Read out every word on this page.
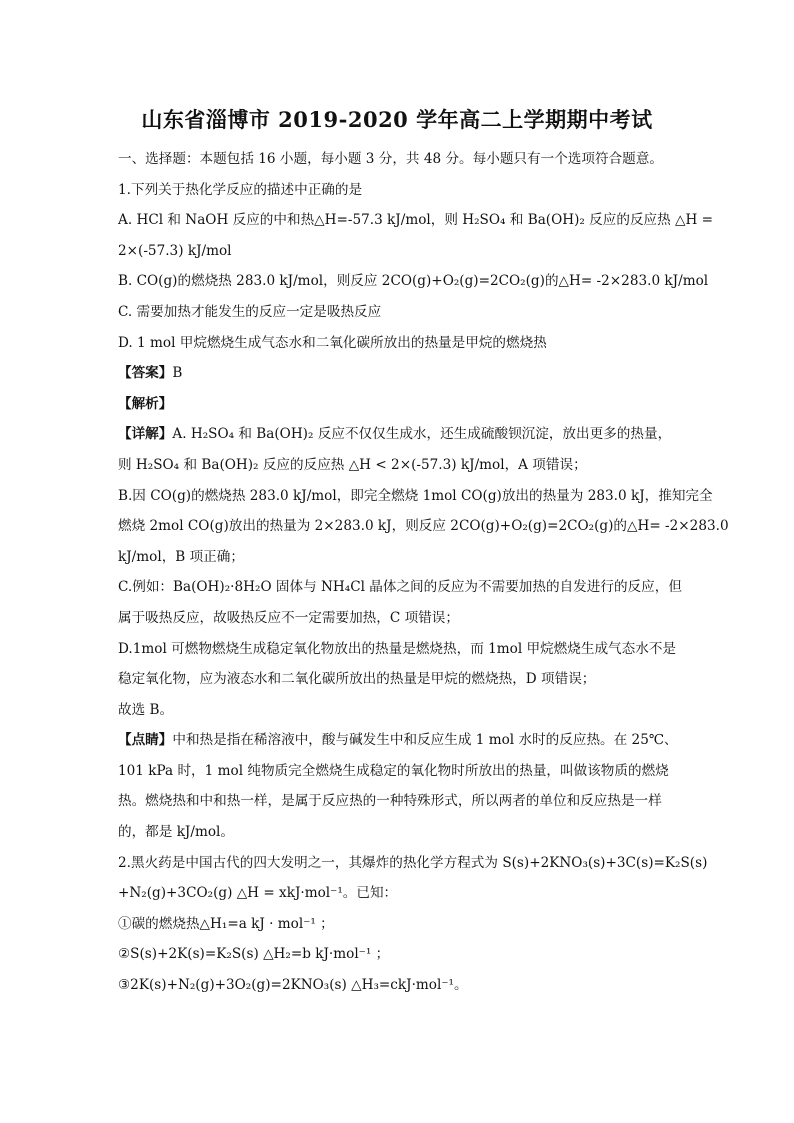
山东省淄博市 2019-2020 学年高二上学期期中考试

一、选择题：本题包括 16 小题，每小题 3 分，共 48 分。每小题只有一个选项符合题意。

1.下列关于热化学反应的描述中正确的是

A. HCl 和 NaOH 反应的中和热△H=-57.3 kJ/mol，则 H₂SO₄ 和 Ba(OH)₂ 反应的反应热 △H =

2×(-57.3) kJ/mol

B. CO(g)的燃烧热 283.0 kJ/mol，则反应 2CO(g)+O₂(g)=2CO₂(g)的△H= -2×283.0 kJ/mol

C. 需要加热才能发生的反应一定是吸热反应

D. 1 mol 甲烷燃烧生成气态水和二氧化碳所放出的热量是甲烷的燃烧热

【答案】B

【解析】

【详解】A. H₂SO₄ 和 Ba(OH)₂ 反应不仅仅生成水，还生成硫酸钡沉淀，放出更多的热量，

则 H₂SO₄ 和 Ba(OH)₂ 反应的反应热 △H < 2×(-57.3) kJ/mol，A 项错误；

B.因 CO(g)的燃烧热 283.0 kJ/mol，即完全燃烧 1mol CO(g)放出的热量为 283.0 kJ，推知完全

燃烧 2mol CO(g)放出的热量为 2×283.0 kJ，则反应 2CO(g)+O₂(g)=2CO₂(g)的△H= -2×283.0

kJ/mol，B 项正确；

C.例如：Ba(OH)₂·8H₂O 固体与 NH₄Cl 晶体之间的反应为不需要加热的自发进行的反应，但

属于吸热反应，故吸热反应不一定需要加热，C 项错误；

D.1mol 可燃物燃烧生成稳定氧化物放出的热量是燃烧热，而 1mol 甲烷燃烧生成气态水不是

稳定氧化物，应为液态水和二氧化碳所放出的热量是甲烷的燃烧热，D 项错误；

故选 B。

【点睛】中和热是指在稀溶液中，酸与碱发生中和反应生成 1 mol 水时的反应热。在 25℃、

101 kPa 时，1 mol 纯物质完全燃烧生成稳定的氧化物时所放出的热量，叫做该物质的燃烧

热。燃烧热和中和热一样，是属于反应热的一种特殊形式，所以两者的单位和反应热是一样

的，都是 kJ/mol。

2.黑火药是中国古代的四大发明之一，其爆炸的热化学方程式为 S(s)+2KNO₃(s)+3C(s)=K₂S(s)

+N₂(g)+3CO₂(g) △H = xkJ·mol⁻¹。已知：

①碳的燃烧热△H₁=a kJ · mol⁻¹ ；

②S(s)+2K(s)=K₂S(s) △H₂=b kJ·mol⁻¹ ；

③2K(s)+N₂(g)+3O₂(g)=2KNO₃(s) △H₃=ckJ·mol⁻¹。
